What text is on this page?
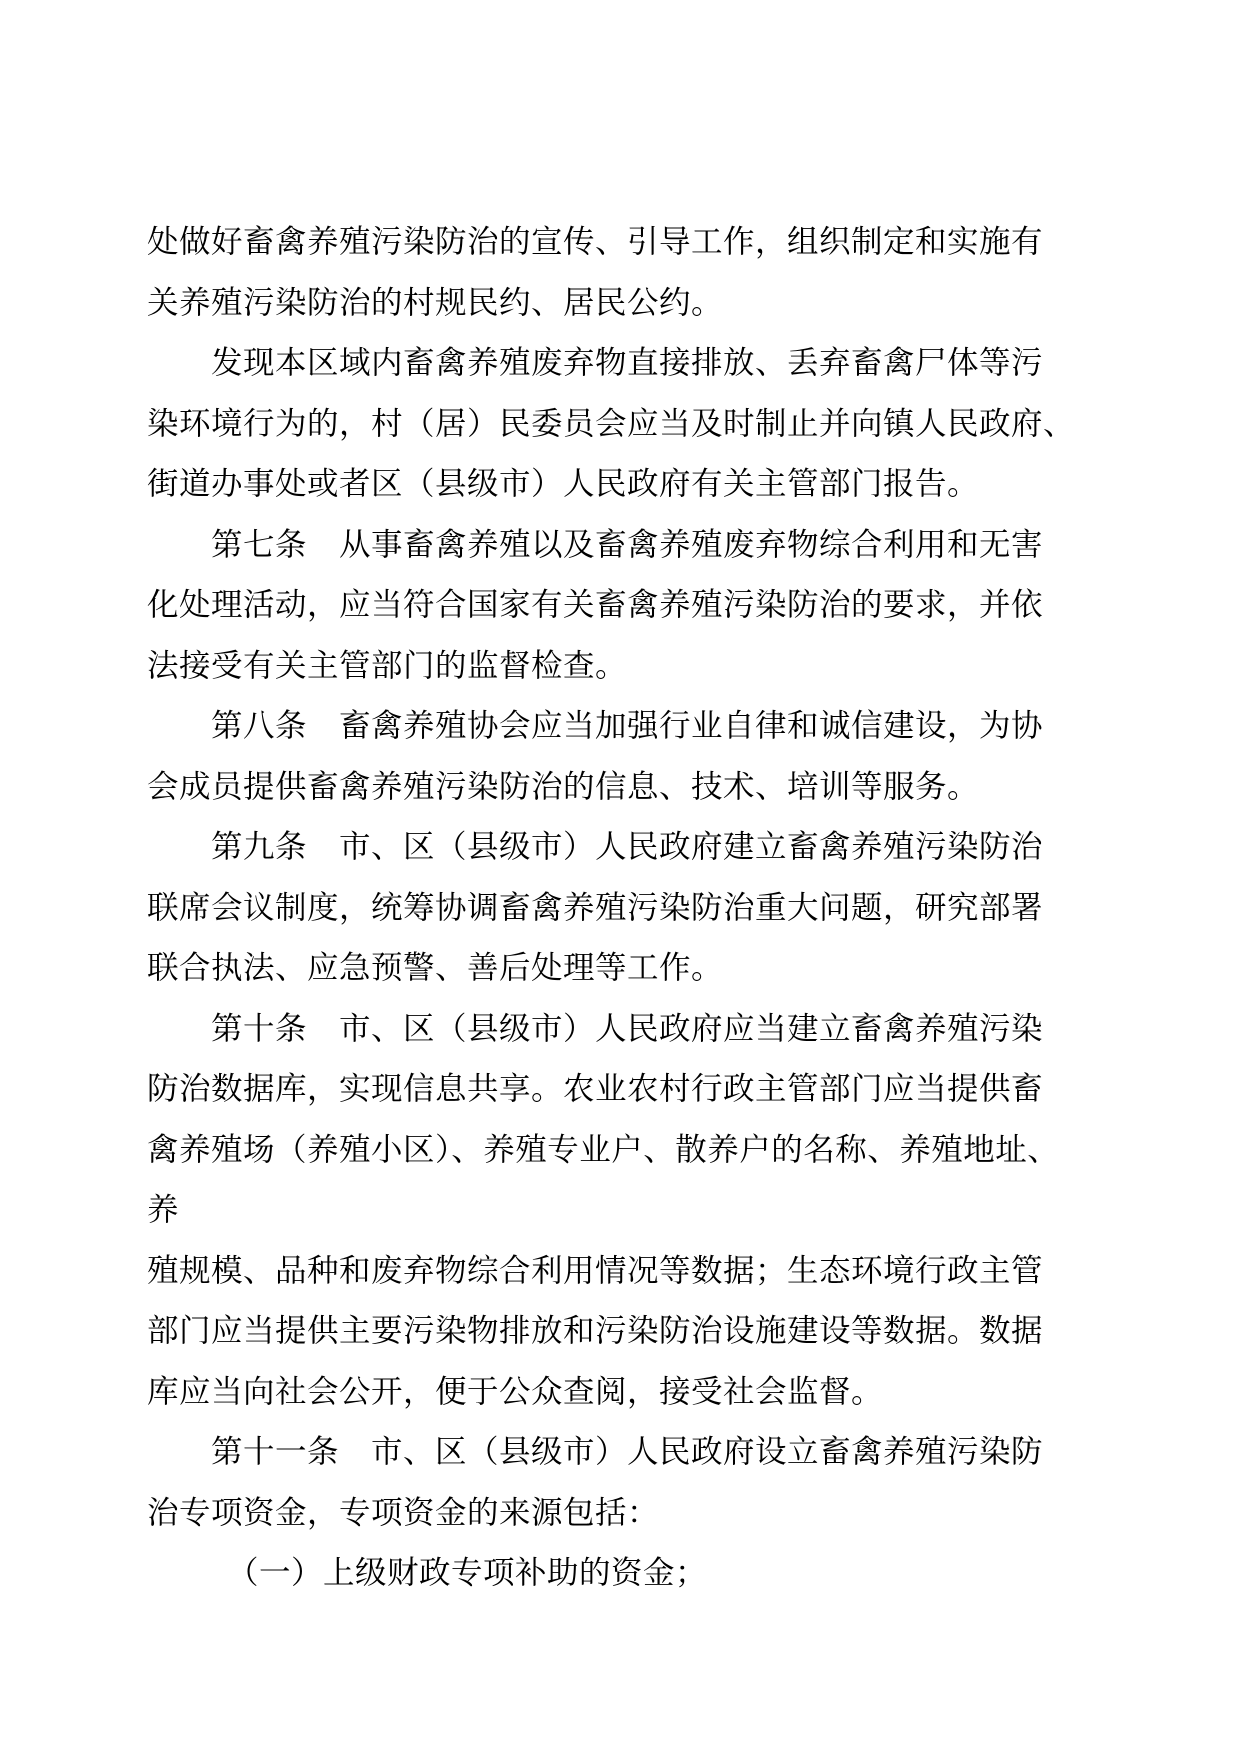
处做好畜禽养殖污染防治的宣传、引导工作，组织制定和实施有
关养殖污染防治的村规民约、居民公约。

发现本区域内畜禽养殖废弃物直接排放、丢弃畜禽尸体等污
染环境行为的，村（居）民委员会应当及时制止并向镇人民政府、
街道办事处或者区（县级市）人民政府有关主管部门报告。

第七条 从事畜禽养殖以及畜禽养殖废弃物综合利用和无害
化处理活动，应当符合国家有关畜禽养殖污染防治的要求，并依
法接受有关主管部门的监督检查。

第八条 畜禽养殖协会应当加强行业自律和诚信建设，为协
会成员提供畜禽养殖污染防治的信息、技术、培训等服务。

第九条 市、区（县级市）人民政府建立畜禽养殖污染防治
联席会议制度，统筹协调畜禽养殖污染防治重大问题，研究部署
联合执法、应急预警、善后处理等工作。

第十条 市、区（县级市）人民政府应当建立畜禽养殖污染
防治数据库，实现信息共享。农业农村行政主管部门应当提供畜
禽养殖场（养殖小区）、养殖专业户、散养户的名称、养殖地址、养
殖规模、品种和废弃物综合利用情况等数据；生态环境行政主管
部门应当提供主要污染物排放和污染防治设施建设等数据。数据
库应当向社会公开，便于公众查阅，接受社会监督。

第十一条 市、区（县级市）人民政府设立畜禽养殖污染防
治专项资金，专项资金的来源包括：

（一）上级财政专项补助的资金；
